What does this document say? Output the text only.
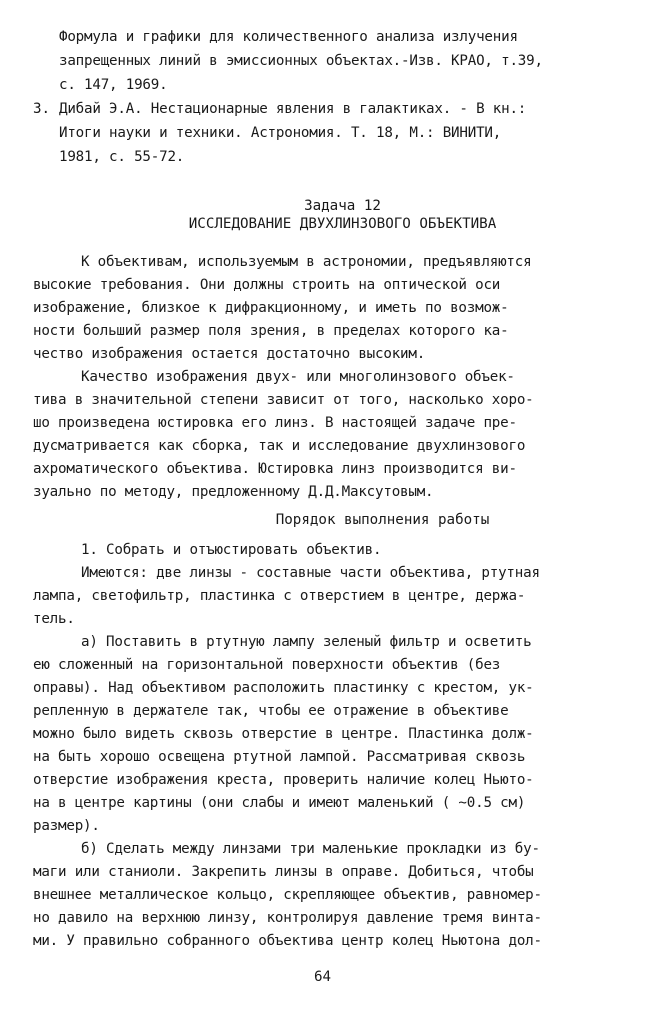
Формула и графики для количественного анализа излучения
запрещенных линий в эмиссионных объектах.-Изв. КРАО, т.39,
с. 147, 1969.
3. Дибай Э.А. Нестационарные явления в галактиках. - В кн.:
Итоги науки и техники. Астрономия. Т. 18, М.: ВИНИТИ,
1981, с. 55-72.
Задача 12
ИССЛЕДОВАНИЕ ДВУХЛИНЗОВОГО ОБЪЕКТИВА
К объективам, используемым в астрономии, предъявляются
высокие требования. Они должны строить на оптической оси
изображение, близкое к дифракционному, и иметь по возмож-
ности больший размер поля зрения, в пределах которого ка-
чество изображения остается достаточно высоким.
Качество изображения двух- или многолинзового объек-
тива в значительной степени зависит от того, насколько хоро-
шо произведена юстировка его линз. В настоящей задаче пре-
дусматривается как сборка, так и исследование двухлинзового
ахроматического объектива. Юстировка линз производится ви-
зуально по методу, предложенному Д.Д.Максутовым.
Порядок выполнения работы
1. Собрать и отъюстировать объектив.
Имеются: две линзы - составные части объектива, ртутная
лампа, светофильтр, пластинка с отверстием в центре, держа-
тель.
а) Поставить в ртутную лампу зеленый фильтр и осветить
ею сложенный на горизонтальной поверхности объектив (без
оправы). Над объективом расположить пластинку с крестом, ук-
репленную в держателе так, чтобы ее отражение в объективе
можно было видеть сквозь отверстие в центре. Пластинка долж-
на быть хорошо освещена ртутной лампой. Рассматривая сквозь
отверстие изображения креста, проверить наличие колец Ньюто-
на в центре картины (они слабы и имеют маленький ( ~0.5 см)
размер).
б) Сделать между линзами три маленькие прокладки из бу-
маги или станиоли. Закрепить линзы в оправе. Добиться, чтобы
внешнее металлическое кольцо, скрепляющее объектив, равномер-
но давило на верхнюю линзу, контролируя давление тремя винта-
ми. У правильно собранного объектива центр колец Ньютона дол-
64
